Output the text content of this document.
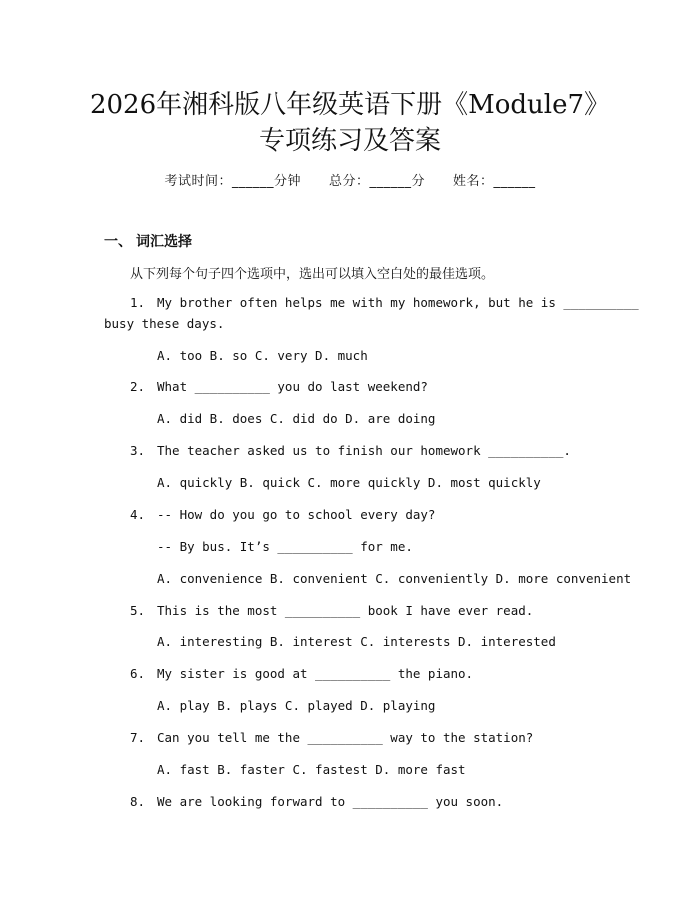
2026年湘科版八年级英语下册《Module7》
专项练习及答案
考试时间：______分钟 总分：______分 姓名：______
一、 词汇选择
从下列每个句子四个选项中，选出可以填入空白处的最佳选项。
1. My brother often helps me with my homework, but he is __________
busy these days.
A. too B. so C. very D. much
2. What __________ you do last weekend?
A. did B. does C. did do D. are doing
3. The teacher asked us to finish our homework __________.
A. quickly B. quick C. more quickly D. most quickly
4. -- How do you go to school every day?
-- By bus. It’s __________ for me.
A. convenience B. convenient C. conveniently D. more convenient
5. This is the most __________ book I have ever read.
A. interesting B. interest C. interests D. interested
6. My sister is good at __________ the piano.
A. play B. plays C. played D. playing
7. Can you tell me the __________ way to the station?
A. fast B. faster C. fastest D. more fast
8. We are looking forward to __________ you soon.
